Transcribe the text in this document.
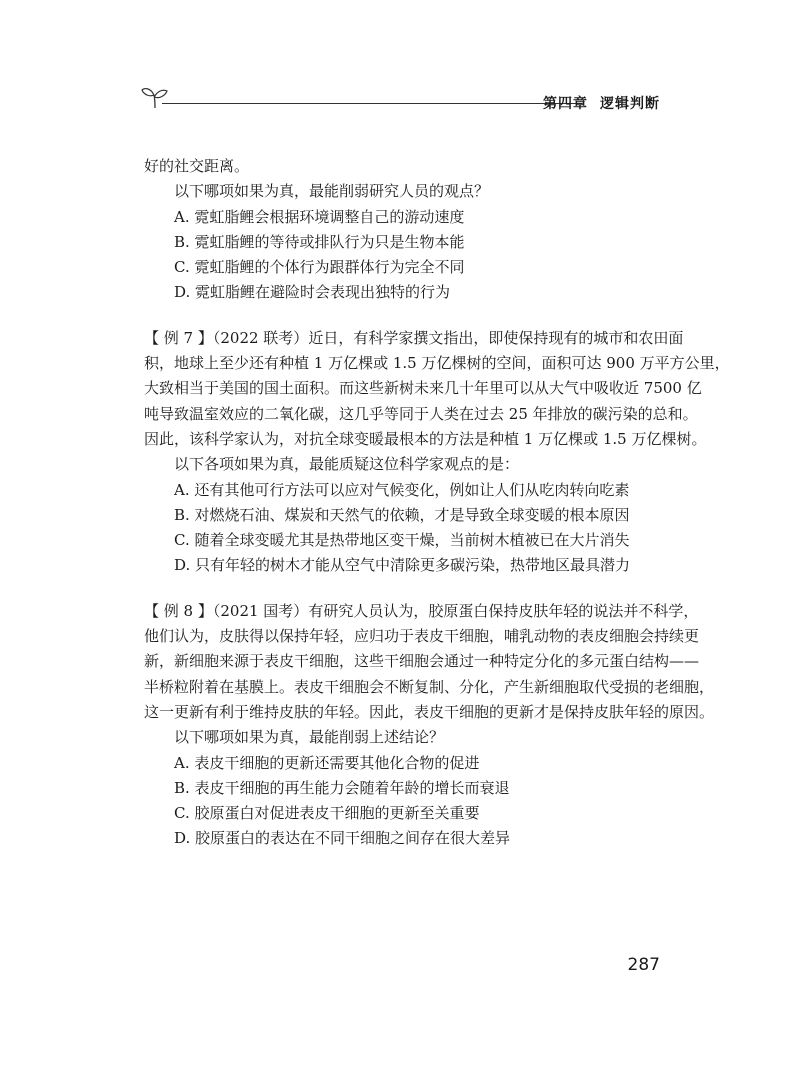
第四章 逻辑判断
好的社交距离。
以下哪项如果为真，最能削弱研究人员的观点？
A. 霓虹脂鲤会根据环境调整自己的游动速度
B. 霓虹脂鲤的等待或排队行为只是生物本能
C. 霓虹脂鲤的个体行为跟群体行为完全不同
D. 霓虹脂鲤在避险时会表现出独特的行为
【 例 7 】（2022 联考）近日，有科学家撰文指出，即使保持现有的城市和农田面
积，地球上至少还有种植 1 万亿棵或 1.5 万亿棵树的空间，面积可达 900 万平方公里，
大致相当于美国的国土面积。而这些新树未来几十年里可以从大气中吸收近 7500 亿
吨导致温室效应的二氧化碳，这几乎等同于人类在过去 25 年排放的碳污染的总和。
因此，该科学家认为，对抗全球变暖最根本的方法是种植 1 万亿棵或 1.5 万亿棵树。
以下各项如果为真，最能质疑这位科学家观点的是：
A. 还有其他可行方法可以应对气候变化，例如让人们从吃肉转向吃素
B. 对燃烧石油、煤炭和天然气的依赖，才是导致全球变暖的根本原因
C. 随着全球变暖尤其是热带地区变干燥，当前树木植被已在大片消失
D. 只有年轻的树木才能从空气中清除更多碳污染，热带地区最具潜力
【 例 8 】（2021 国考）有研究人员认为，胶原蛋白保持皮肤年轻的说法并不科学，
他们认为，皮肤得以保持年轻，应归功于表皮干细胞，哺乳动物的表皮细胞会持续更
新，新细胞来源于表皮干细胞，这些干细胞会通过一种特定分化的多元蛋白结构——
半桥粒附着在基膜上。表皮干细胞会不断复制、分化，产生新细胞取代受损的老细胞，
这一更新有利于维持皮肤的年轻。因此，表皮干细胞的更新才是保持皮肤年轻的原因。
以下哪项如果为真，最能削弱上述结论？
A. 表皮干细胞的更新还需要其他化合物的促进
B. 表皮干细胞的再生能力会随着年龄的增长而衰退
C. 胶原蛋白对促进表皮干细胞的更新至关重要
D. 胶原蛋白的表达在不同干细胞之间存在很大差异
287
